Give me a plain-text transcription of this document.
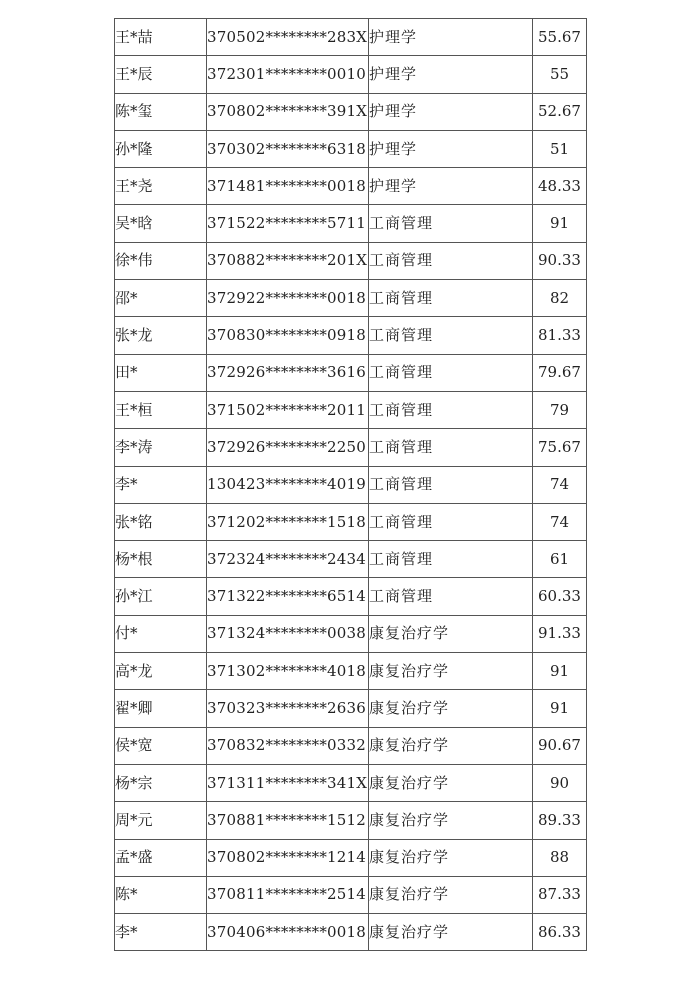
王*喆	370502********283X	护理学	55.67
王*辰	372301********0010	护理学	55
陈*玺	370802********391X	护理学	52.67
孙*隆	370302********6318	护理学	51
王*尧	371481********0018	护理学	48.33
吴*晗	371522********5711	工商管理	91
徐*伟	370882********201X	工商管理	90.33
邵*	372922********0018	工商管理	82
张*龙	370830********0918	工商管理	81.33
田*	372926********3616	工商管理	79.67
王*桓	371502********2011	工商管理	79
李*涛	372926********2250	工商管理	75.67
李*	130423********4019	工商管理	74
张*铭	371202********1518	工商管理	74
杨*根	372324********2434	工商管理	61
孙*江	371322********6514	工商管理	60.33
付*	371324********0038	康复治疗学	91.33
高*龙	371302********4018	康复治疗学	91
翟*卿	370323********2636	康复治疗学	91
侯*宽	370832********0332	康复治疗学	90.67
杨*宗	371311********341X	康复治疗学	90
周*元	370881********1512	康复治疗学	89.33
孟*盛	370802********1214	康复治疗学	88
陈*	370811********2514	康复治疗学	87.33
李*	370406********0018	康复治疗学	86.33
